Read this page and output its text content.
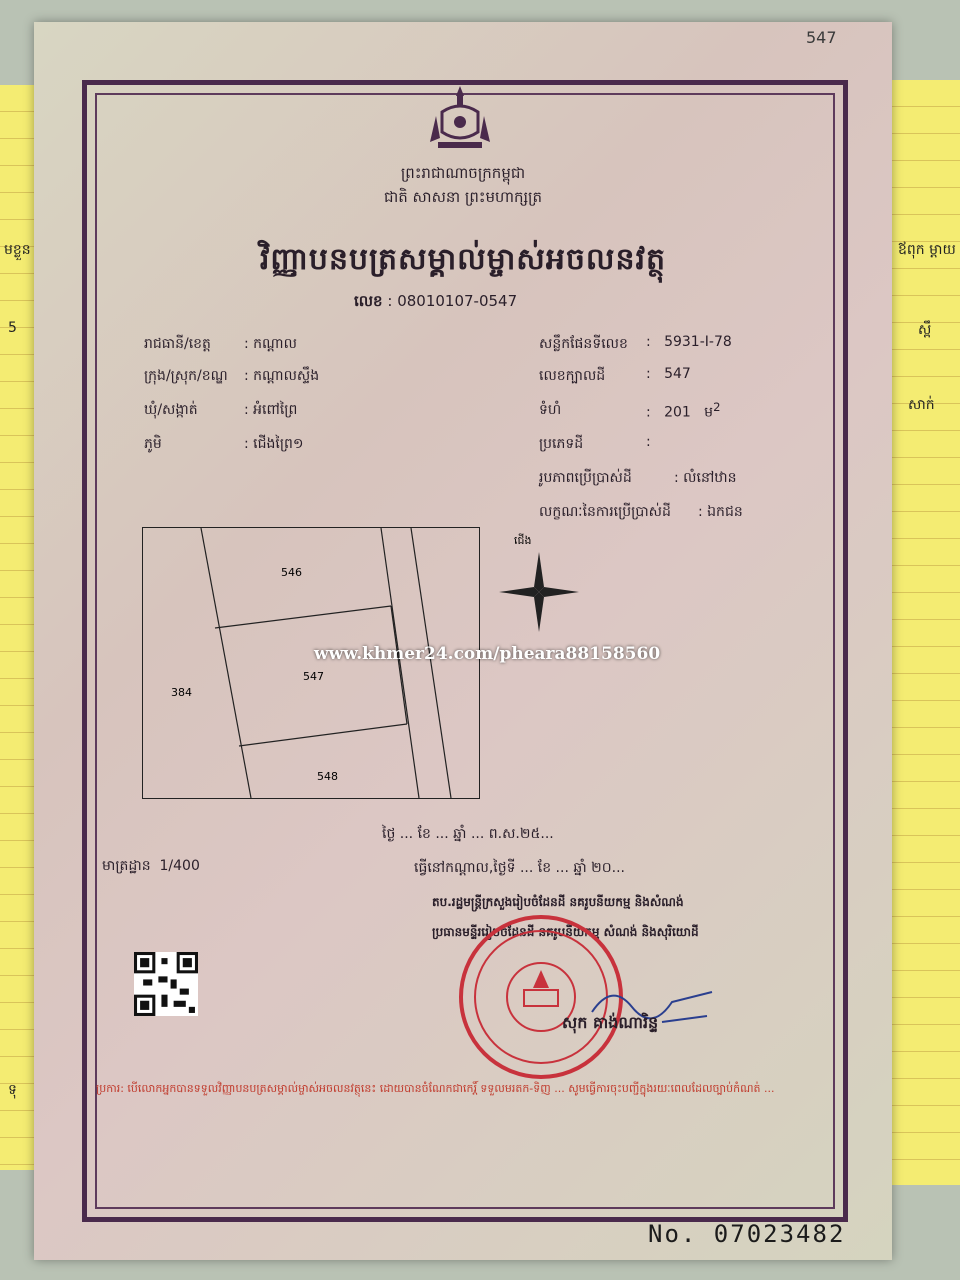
មខ្លួន
5
ទុ
ឪពុក ម្ដាយ
ស្ពឹ
សាក់
547
ព្រះរាជាណាចក្រកម្ពុជា
ជាតិ សាសនា ព្រះមហាក្សត្រ
វិញ្ញាបនបត្រសម្គាល់ម្ចាស់អចលនវត្ថុ
លេខ : 08010107-0547
រាជធានី/ខេត្ត : កណ្ដាល
ក្រុង/ស្រុក/ខណ្ឌ : កណ្ដាលស្ទឹង
ឃុំ/សង្កាត់	: អំពៅព្រៃ
ភូមិ	: ជើងព្រៃ១
សន្លឹកផែនទីលេខ :   5931-I-78
លេខក្បាលដី	:   547
ទំហំ	:   201 ម$^2$
ប្រភេទដី	:
រូបភាពប្រើប្រាស់ដី	: លំនៅឋាន
លក្ខណៈនៃការប្រើប្រាស់ដី : ឯកជន
546
547
384
548
ជើង
www.khmer24.com/pheara88158560
ថ្ងៃ ... ខែ ... ឆ្នាំ ... ព.ស.២៥...
ធ្វើនៅកណ្ដាល,ថ្ងៃទី ... ខែ ... ឆ្នាំ ២០...
មាត្រដ្ឋាន 1/400
តប.រដ្ឋមន្ត្រីក្រសួងរៀបចំដែនដី នគរូបនីយកម្ម និងសំណង់
ប្រធានមន្ទីររៀបចំដែនដី នគរូបនីយកម្ម សំណង់ និងសុរិយោដី
សុក គាង់ណារិន្ទ
ប្រការ: បើលោកអ្នកបានទទួលវិញ្ញាបនបត្រសម្គាល់ម្ចាស់អចលនវត្ថុនេះ ដោយបានចំណែកជាកេរ្តិ៍ ទទួលមរតក-ទិញ ... សូមធ្វើការចុះបញ្ជីក្នុងរយៈពេលដែលច្បាប់កំណត់ ...
No. 07023482
